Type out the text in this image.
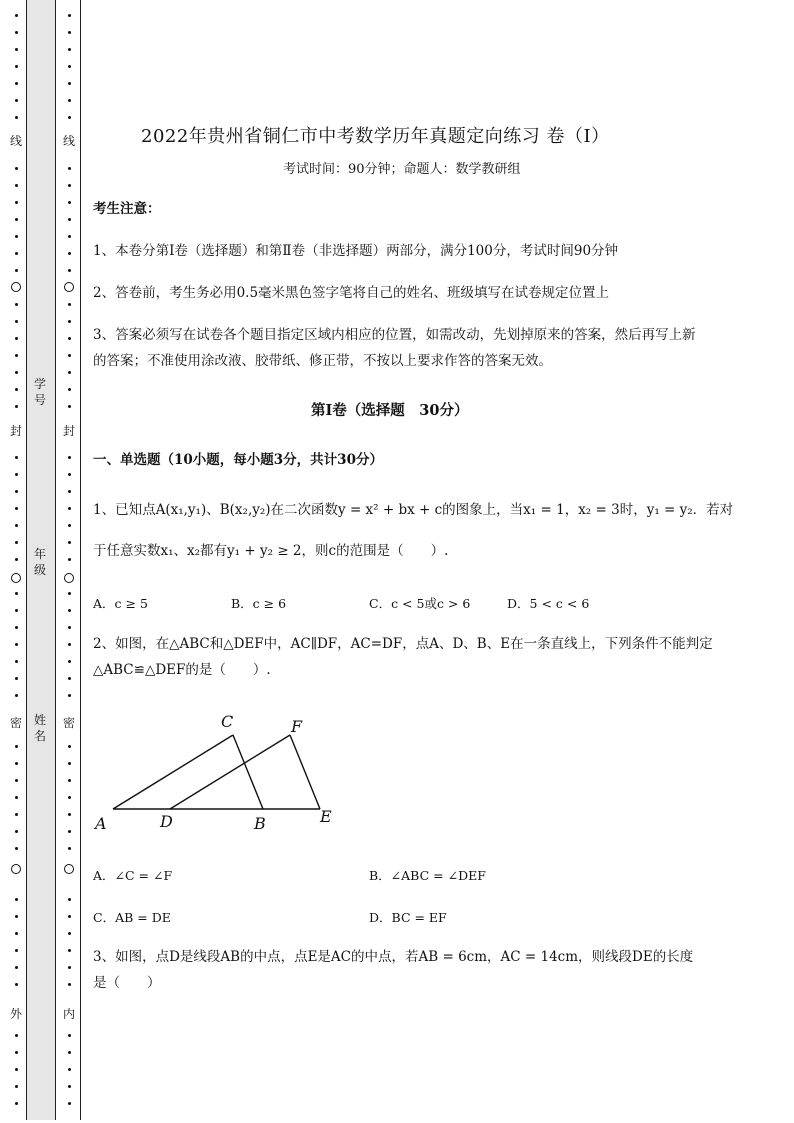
线
封
密
外
线
封
密
内
学号
年级
姓名
2022年贵州省铜仁市中考数学历年真题定向练习 卷（Ⅰ）
考试时间：90分钟；命题人：数学教研组
考生注意：
1、本卷分第Ⅰ卷（选择题）和第Ⅱ卷（非选择题）两部分，满分100分，考试时间90分钟
2、答卷前，考生务必用0.5毫米黑色签字笔将自己的姓名、班级填写在试卷规定位置上
3、答案必须写在试卷各个题目指定区域内相应的位置，如需改动，先划掉原来的答案，然后再写上新
的答案；不准使用涂改液、胶带纸、修正带，不按以上要求作答的答案无效。
第Ⅰ卷（选择题　30分）
一、单选题（10小题，每小题3分，共计30分）
1、已知点A(x₁,y₁)、B(x₂,y₂)在二次函数y = x² + bx + c的图象上，当x₁ = 1，x₂ = 3时，y₁ = y₂．若对
于任意实数x₁、x₂都有y₁ + y₂ ≥ 2，则c的范围是（　　）.
A．c ≥ 5	B．c ≥ 6	C．c < 5或c > 6	D．5 < c < 6
2、如图，在△ABC和△DEF中，AC∥DF，AC=DF，点A、D、B、E在一条直线上，下列条件不能判定
△ABC≌△DEF的是（　　）.
A	D	B	E
C	F
A．∠C = ∠F	B．∠ABC = ∠DEF
C．AB = DE	D．BC = EF
3、如图，点D是线段AB的中点，点E是AC的中点，若AB = 6cm，AC = 14cm，则线段DE的长度
是（　　）
